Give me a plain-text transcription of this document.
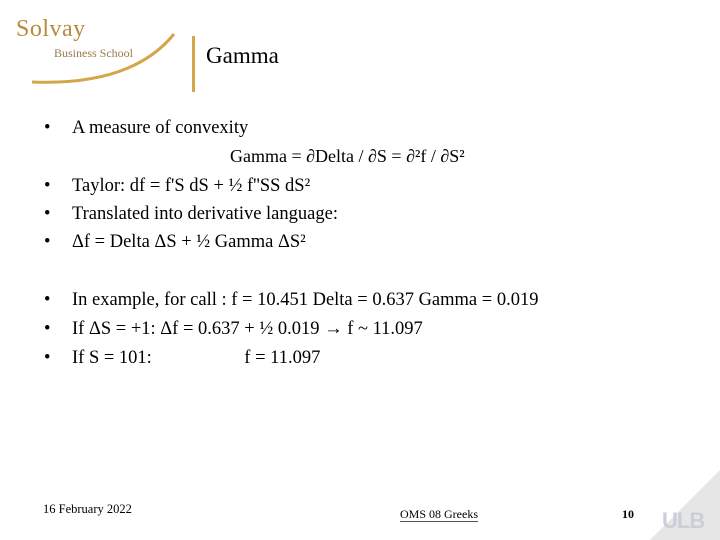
Solvay
Business School	Gamma
• A measure of convexity
Gamma = ∂Delta / ∂S = ∂²f / ∂S²
• Taylor: df = f'S dS + ½ f''SS dS²
• Translated into derivative language:
• Δf = Delta ΔS + ½ Gamma ΔS²
• In example, for call : f = 10.451 Delta = 0.637 Gamma = 0.019
• If ΔS = +1: Δf = 0.637 + ½ 0.019 → f ~ 11.097
• If S = 101:                    f = 11.097
16 February 2022	OMS 08 Greeks	10 ULB
